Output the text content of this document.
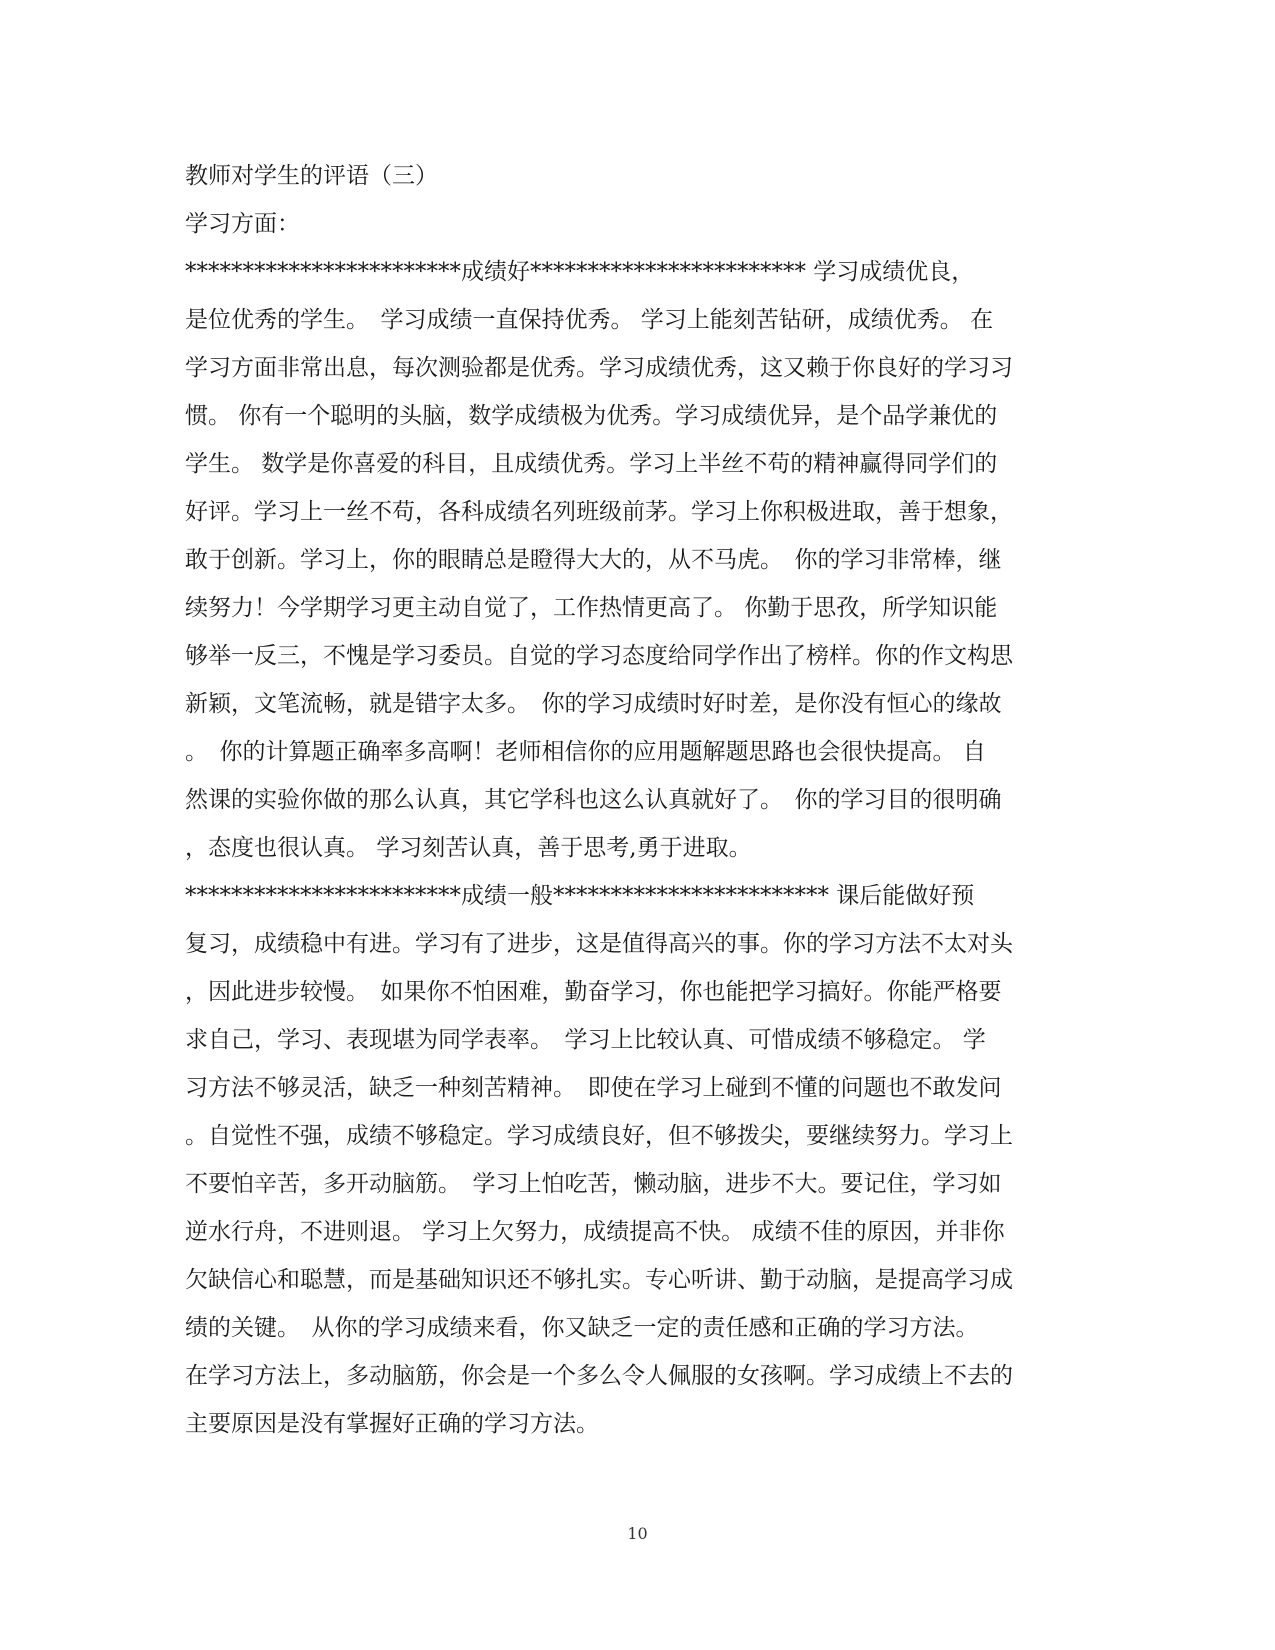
教师对学生的评语（三）

学习方面：

************************成绩好************************ 学习成绩优良，

是位优秀的学生。　学习成绩一直保持优秀。 学习上能刻苦钻研，成绩优秀。 在

学习方面非常出息，每次测验都是优秀。学习成绩优秀，这又赖于你良好的学习习

惯。 你有一个聪明的头脑，数学成绩极为优秀。学习成绩优异，是个品学兼优的

学生。 数学是你喜爱的科目，且成绩优秀。学习上半丝不苟的精神赢得同学们的

好评。学习上一丝不苟，各科成绩名列班级前茅。学习上你积极进取，善于想象，

敢于创新。学习上，你的眼睛总是瞪得大大的，从不马虎。　你的学习非常棒，继

续努力！今学期学习更主动自觉了，工作热情更高了。 你勤于思孜，所学知识能

够举一反三，不愧是学习委员。自觉的学习态度给同学作出了榜样。你的作文构思

新颖，文笔流畅，就是错字太多。　你的学习成绩时好时差，是你没有恒心的缘故

。　你的计算题正确率多高啊！老师相信你的应用题解题思路也会很快提高。 自

然课的实验你做的那么认真，其它学科也这么认真就好了。　你的学习目的很明确

，态度也很认真。 学习刻苦认真，善于思考,勇于进取。

************************成绩一般************************ 课后能做好预

复习，成绩稳中有进。学习有了进步，这是值得高兴的事。你的学习方法不太对头

，因此进步较慢。　如果你不怕困难，勤奋学习，你也能把学习搞好。你能严格要

求自己，学习、表现堪为同学表率。　学习上比较认真、可惜成绩不够稳定。 学

习方法不够灵活，缺乏一种刻苦精神。　即使在学习上碰到不懂的问题也不敢发问

。自觉性不强，成绩不够稳定。学习成绩良好，但不够拨尖，要继续努力。学习上

不要怕辛苦，多开动脑筋。　学习上怕吃苦，懒动脑，进步不大。要记住，学习如

逆水行舟，不进则退。 学习上欠努力，成绩提高不快。 成绩不佳的原因，并非你

欠缺信心和聪慧，而是基础知识还不够扎实。专心听讲、勤于动脑，是提高学习成

绩的关键。　从你的学习成绩来看，你又缺乏一定的责任感和正确的学习方法。

在学习方法上，多动脑筋，你会是一个多么令人佩服的女孩啊。学习成绩上不去的

主要原因是没有掌握好正确的学习方法。

10
